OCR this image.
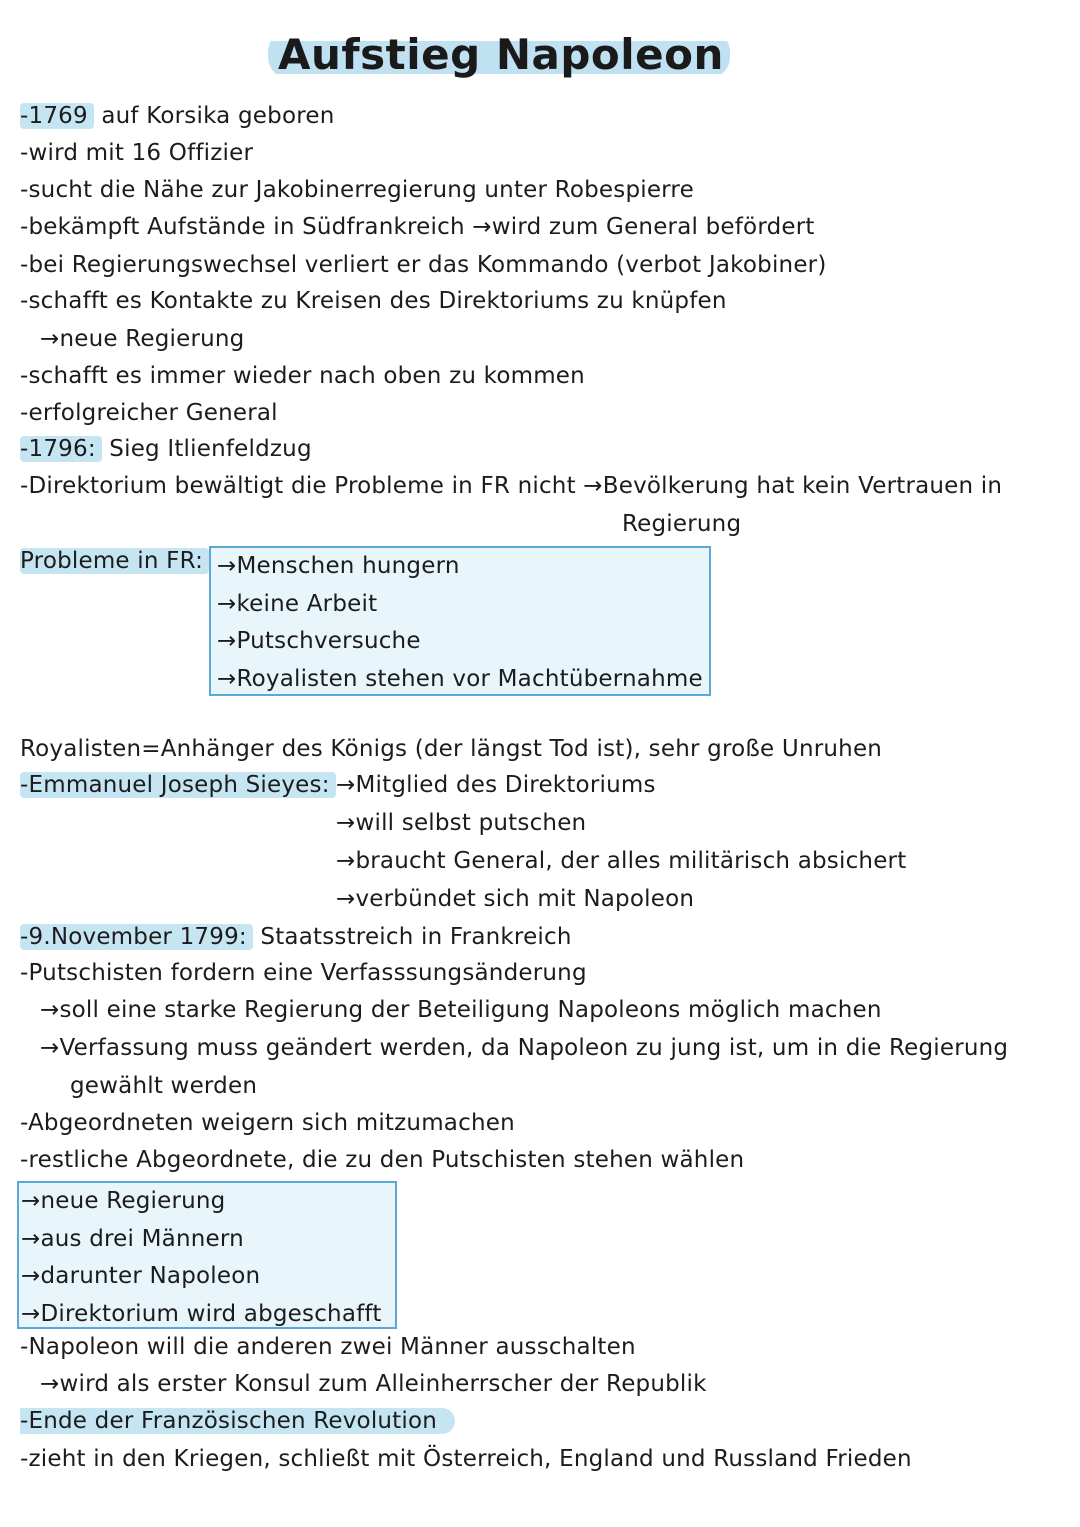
Aufstieg Napoleon
-1769 auf Korsika geboren
-wird mit 16 Offizier
-sucht die Nähe zur Jakobinerregierung unter Robespierre
-bekämpft Aufstände in Südfrankreich →wird zum General befördert
-bei Regierungswechsel verliert er das Kommando (verbot Jakobiner)
-schafft es Kontakte zu Kreisen des Direktoriums zu knüpfen
→neue Regierung
-schafft es immer wieder nach oben zu kommen
-erfolgreicher General
-1796: Sieg Itlienfeldzug
-Direktorium bewältigt die Probleme in FR nicht →Bevölkerung hat kein Vertrauen in
Regierung
Probleme in FR: →Menschen hungern
→keine Arbeit
→Putschversuche
→Royalisten stehen vor Machtübernahme
Royalisten=Anhänger des Königs (der längst Tod ist), sehr große Unruhen
-Emmanuel Joseph Sieyes: →Mitglied des Direktoriums
→will selbst putschen
→braucht General, der alles militärisch absichert
→verbündet sich mit Napoleon
-9.November 1799: Staatsstreich in Frankreich
-Putschisten fordern eine Verfasssungsänderung
→soll eine starke Regierung der Beteiligung Napoleons möglich machen
→Verfassung muss geändert werden, da Napoleon zu jung ist, um in die Regierung
gewählt werden
-Abgeordneten weigern sich mitzumachen
-restliche Abgeordnete, die zu den Putschisten stehen wählen
→neue Regierung
→aus drei Männern
→darunter Napoleon
→Direktorium wird abgeschafft
-Napoleon will die anderen zwei Männer ausschalten
→wird als erster Konsul zum Alleinherrscher der Republik
-Ende der Französischen Revolution
-zieht in den Kriegen, schließt mit Österreich, England und Russland Frieden
